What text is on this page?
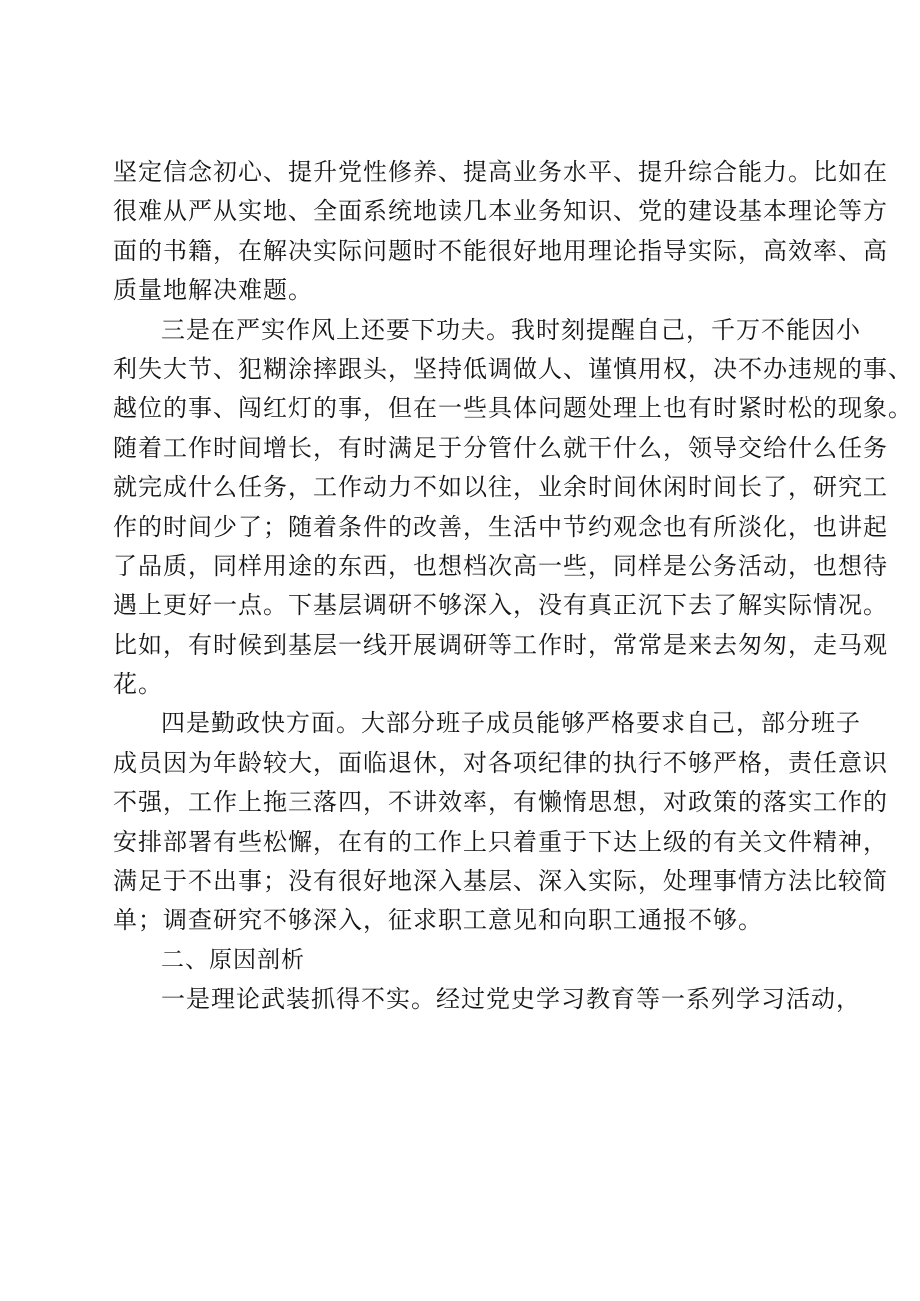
坚定信念初心、提升党性修养、提高业务水平、提升综合能力。比如在
很难从严从实地、全面系统地读几本业务知识、党的建设基本理论等方
面的书籍，在解决实际问题时不能很好地用理论指导实际，高效率、高
质量地解决难题。
三是在严实作风上还要下功夫。我时刻提醒自己，千万不能因小
利失大节、犯糊涂摔跟头，坚持低调做人、谨慎用权，决不办违规的事、
越位的事、闯红灯的事，但在一些具体问题处理上也有时紧时松的现象。
随着工作时间增长，有时满足于分管什么就干什么，领导交给什么任务
就完成什么任务，工作动力不如以往，业余时间休闲时间长了，研究工
作的时间少了；随着条件的改善，生活中节约观念也有所淡化，也讲起
了品质，同样用途的东西，也想档次高一些，同样是公务活动，也想待
遇上更好一点。下基层调研不够深入，没有真正沉下去了解实际情况。
比如，有时候到基层一线开展调研等工作时，常常是来去匆匆，走马观
花。
四是勤政快方面。大部分班子成员能够严格要求自己，部分班子
成员因为年龄较大，面临退休，对各项纪律的执行不够严格，责任意识
不强，工作上拖三落四，不讲效率，有懒惰思想，对政策的落实工作的
安排部署有些松懈，在有的工作上只着重于下达上级的有关文件精神，
满足于不出事；没有很好地深入基层、深入实际，处理事情方法比较简
单；调查研究不够深入，征求职工意见和向职工通报不够。
二、原因剖析
一是理论武装抓得不实。经过党史学习教育等一系列学习活动，
